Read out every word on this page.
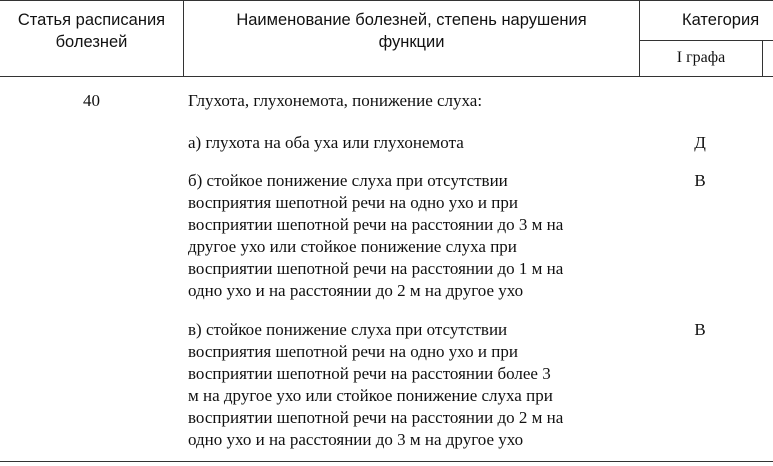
Статья расписания
болезней
Наименование болезней, степень нарушения
функции
Категория
I графа
40	Глухота, глухонемота, понижение слуха:
а) глухота на оба уха или глухонемота	Д
б) стойкое понижение слуха при отсутствии
восприятия шепотной речи на одно ухо и при
восприятии шепотной речи на расстоянии до 3 м на
другое ухо или стойкое понижение слуха при
восприятии шепотной речи на расстоянии до 1 м на
одно ухо и на расстоянии до 2 м на другое ухо
В
в) стойкое понижение слуха при отсутствии
восприятия шепотной речи на одно ухо и при
восприятии шепотной речи на расстоянии более 3
м на другое ухо или стойкое понижение слуха при
восприятии шепотной речи на расстоянии до 2 м на
одно ухо и на расстоянии до 3 м на другое ухо
В
